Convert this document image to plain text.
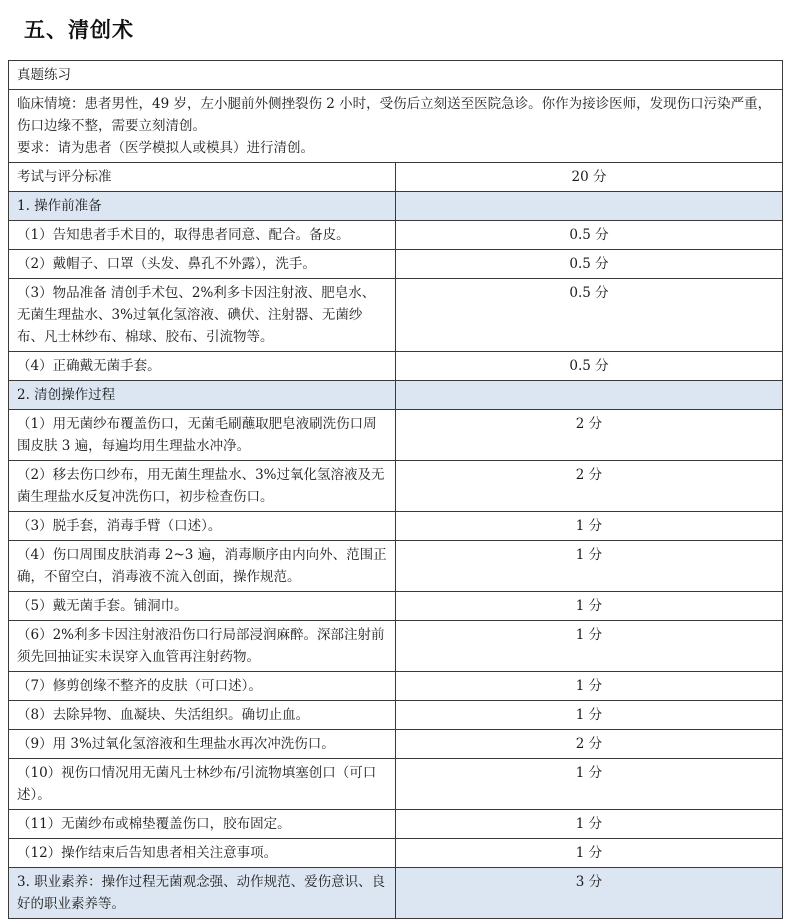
五、清创术
真题练习	

临床情境：患者男性，49 岁，左小腿前外侧挫裂伤 2 小时，受伤后立刻送至医院急诊。你作为接诊医师，发现伤口污染严重，伤口边缘不整，需要立刻清创。
要求：请为患者（医学模拟人或模具）进行清创。	

考试与评分标准	20 分
1. 操作前准备	
（1）告知患者手术目的，取得患者同意、配合。备皮。	0.5 分
（2）戴帽子、口罩（头发、鼻孔不外露），洗手。	0.5 分
（3）物品准备 清创手术包、2%利多卡因注射液、肥皂水、无菌生理盐水、3%过氧化氢溶液、碘伏、注射器、无菌纱布、凡士林纱布、棉球、胶布、引流物等。	0.5 分
（4）正确戴无菌手套。	0.5 分
2. 清创操作过程	
（1）用无菌纱布覆盖伤口，无菌毛刷蘸取肥皂液刷洗伤口周围皮肤 3 遍，每遍均用生理盐水冲净。	2 分
（2）移去伤口纱布，用无菌生理盐水、3%过氧化氢溶液及无菌生理盐水反复冲洗伤口，初步检查伤口。	2 分
（3）脱手套，消毒手臂（口述）。	1 分
（4）伤口周围皮肤消毒 2~3 遍，消毒顺序由内向外、范围正确，不留空白，消毒液不流入创面，操作规范。	1 分
（5）戴无菌手套。铺洞巾。	1 分
（6）2%利多卡因注射液沿伤口行局部浸润麻醉。深部注射前须先回抽证实未误穿入血管再注射药物。	1 分
（7）修剪创缘不整齐的皮肤（可口述）。	1 分
（8）去除异物、血凝块、失活组织。确切止血。	1 分
（9）用 3%过氧化氢溶液和生理盐水再次冲洗伤口。	2 分
（10）视伤口情况用无菌凡士林纱布/引流物填塞创口（可口述）。	1 分
（11）无菌纱布或棉垫覆盖伤口，胶布固定。	1 分
（12）操作结束后告知患者相关注意事项。	1 分
3. 职业素养：操作过程无菌观念强、动作规范、爱伤意识、良好的职业素养等。	3 分
